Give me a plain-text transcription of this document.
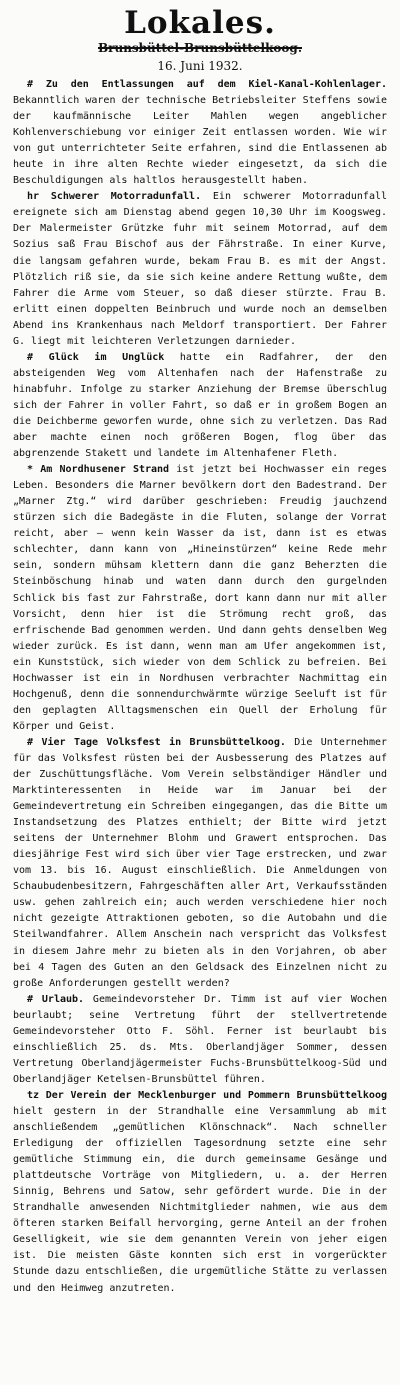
Lokales.
Brunsbüttel-Brunsbüttelkoog.
16. Juni 1932.

# Zu den Entlassungen auf dem Kiel-Kanal-Kohlenlager. Bekanntlich waren der technische Betriebsleiter Steffens sowie der kaufmännische Leiter Mahlen wegen angeblicher Kohlenverschiebung vor einiger Zeit entlassen worden. Wie wir von gut unterrichteter Seite erfahren, sind die Entlassenen ab heute in ihre alten Rechte wieder eingesetzt, da sich die Beschuldigungen als haltlos herausgestellt haben.

hr Schwerer Motorradunfall. Ein schwerer Motorradunfall ereignete sich am Dienstag abend gegen 10,30 Uhr im Koogsweg. Der Malermeister Grützke fuhr mit seinem Motorrad, auf dem Sozius saß Frau Bischof aus der Fährstraße. In einer Kurve, die langsam gefahren wurde, bekam Frau B. es mit der Angst. Plötzlich riß sie, da sie sich keine andere Rettung wußte, dem Fahrer die Arme vom Steuer, so daß dieser stürzte. Frau B. erlitt einen doppelten Beinbruch und wurde noch an demselben Abend ins Krankenhaus nach Meldorf transportiert. Der Fahrer G. liegt mit leichteren Verletzungen darnieder.

# Glück im Unglück hatte ein Radfahrer, der den absteigenden Weg vom Altenhafen nach der Hafenstraße zu hinabfuhr. Infolge zu starker Anziehung der Bremse überschlug sich der Fahrer in voller Fahrt, so daß er in großem Bogen an die Deichberme geworfen wurde, ohne sich zu verletzen. Das Rad aber machte einen noch größeren Bogen, flog über das abgrenzende Stakett und landete im Altenhafener Fleth.

* Am Nordhusener Strand ist jetzt bei Hochwasser ein reges Leben. Besonders die Marner bevölkern dort den Badestrand. Der „Marner Ztg.“ wird darüber geschrieben: Freudig jauchzend stürzen sich die Badegäste in die Fluten, solange der Vorrat reicht, aber — wenn kein Wasser da ist, dann ist es etwas schlechter, dann kann von „Hineinstürzen“ keine Rede mehr sein, sondern mühsam klettern dann die ganz Beherzten die Steinböschung hinab und waten dann durch den gurgelnden Schlick bis fast zur Fahrstraße, dort kann dann nur mit aller Vorsicht, denn hier ist die Strömung recht groß, das erfrischende Bad genommen werden. Und dann gehts denselben Weg wieder zurück. Es ist dann, wenn man am Ufer angekommen ist, ein Kunststück, sich wieder von dem Schlick zu befreien. Bei Hochwasser ist ein in Nordhusen verbrachter Nachmittag ein Hochgenuß, denn die sonnendurchwärmte würzige Seeluft ist für den geplagten Alltagsmenschen ein Quell der Erholung für Körper und Geist.

# Vier Tage Volksfest in Brunsbüttelkoog. Die Unternehmer für das Volksfest rüsten bei der Ausbesserung des Platzes auf der Zuschüttungsfläche. Vom Verein selbständiger Händler und Marktinteressenten in Heide war im Januar bei der Gemeindevertretung ein Schreiben eingegangen, das die Bitte um Instandsetzung des Platzes enthielt; der Bitte wird jetzt seitens der Unternehmer Blohm und Grawert entsprochen. Das diesjährige Fest wird sich über vier Tage erstrecken, und zwar vom 13. bis 16. August einschließlich. Die Anmeldungen von Schaubudenbesitzern, Fahrgeschäften aller Art, Verkaufsständen usw. gehen zahlreich ein; auch werden verschiedene hier noch nicht gezeigte Attraktionen geboten, so die Autobahn und die Steilwandfahrer. Allem Anschein nach verspricht das Volksfest in diesem Jahre mehr zu bieten als in den Vorjahren, ob aber bei 4 Tagen des Guten an den Geldsack des Einzelnen nicht zu große Anforderungen gestellt werden?

# Urlaub. Gemeindevorsteher Dr. Timm ist auf vier Wochen beurlaubt; seine Vertretung führt der stellvertretende Gemeindevorsteher Otto F. Söhl. Ferner ist beurlaubt bis einschließlich 25. ds. Mts. Oberlandjäger Sommer, dessen Vertretung Oberlandjägermeister Fuchs-Brunsbüttelkoog-Süd und Oberlandjäger Ketelsen-Brunsbüttel führen.

tz Der Verein der Mecklenburger und Pommern Brunsbüttelkoog hielt gestern in der Strandhalle eine Versammlung ab mit anschließendem „gemütlichen Klönschnack“. Nach schneller Erledigung der offiziellen Tagesordnung setzte eine sehr gemütliche Stimmung ein, die durch gemeinsame Gesänge und plattdeutsche Vorträge von Mitgliedern, u. a. der Herren Sinnig, Behrens und Satow, sehr gefördert wurde. Die in der Strandhalle anwesenden Nichtmitglieder nahmen, wie aus dem öfteren starken Beifall hervorging, gerne Anteil an der frohen Geselligkeit, wie sie dem genannten Verein von jeher eigen ist. Die meisten Gäste konnten sich erst in vorgerückter Stunde dazu entschließen, die urgemütliche Stätte zu verlassen und den Heimweg anzutreten.
